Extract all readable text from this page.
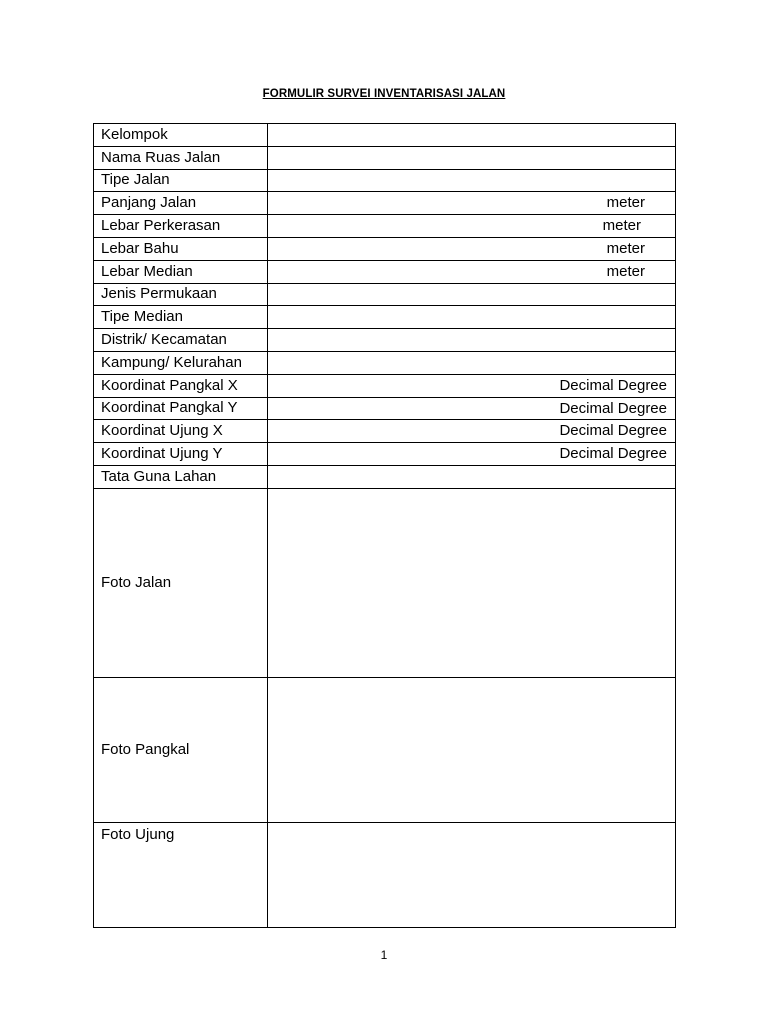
FORMULIR SURVEI INVENTARISASI JALAN
Kelompok	
Nama Ruas Jalan	
Tipe Jalan	
Panjang Jalan	meter

Lebar Perkerasan	meter

Lebar Bahu	meter

Lebar Median	meter

Jenis Permukaan	
Tipe Median	
Distrik/ Kecamatan	
Kampung/ Kelurahan	
Koordinat Pangkal X	Decimal Degree

Koordinat Pangkal Y	Decimal Degree

Koordinat Ujung X	Decimal Degree

Koordinat Ujung Y	Decimal Degree

Tata Guna Lahan	
Foto Jalan	
Foto Pangkal	
Foto Ujung	
1
